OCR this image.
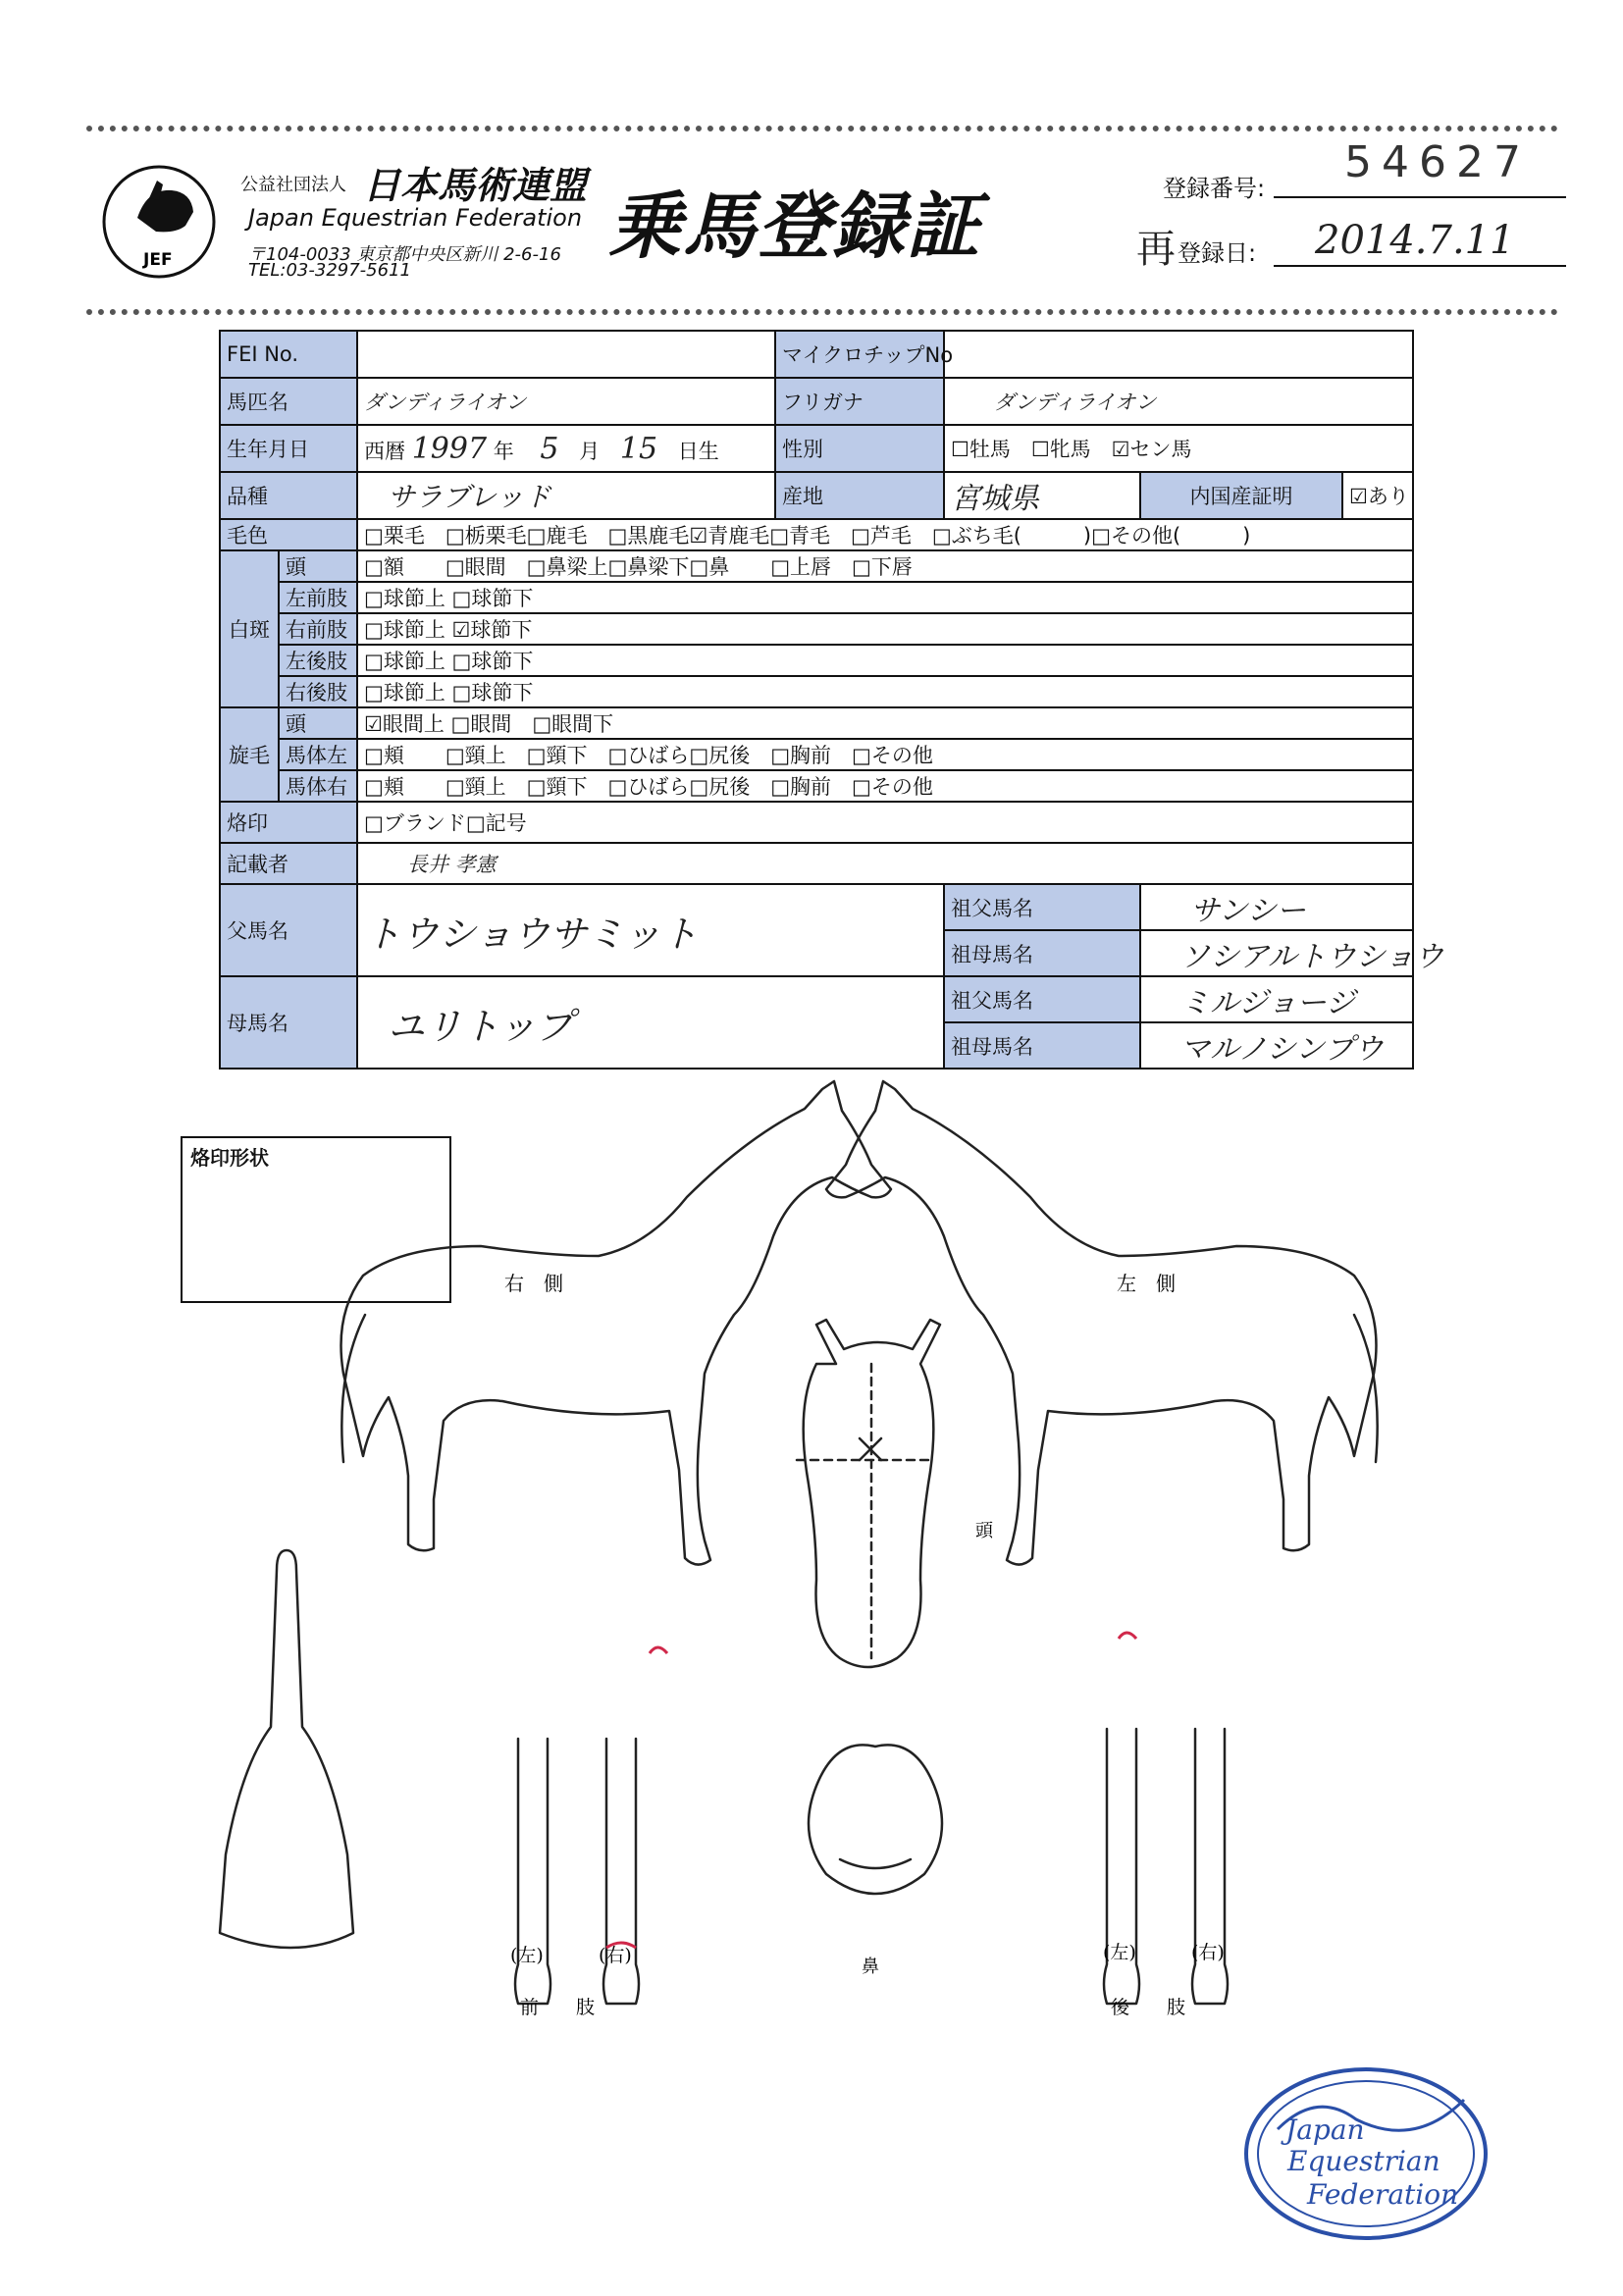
JEF
公益社団法人 日本馬術連盟
Japan Equestrian Federation
〒104-0033 東京都中央区新川 2-6-16
TEL:03-3297-5611
乗馬登録証	登録番号:
54627
再 登録日: 2014.7.11
FEI No.			マイクロチップNo			
馬匹名		ダンディライオン	フリガナ	ダンディライオン		
生年月日		西暦 1997 年 5 月 15 日生	性別	☐牡馬　☐牝馬　☑セン馬		
品種		サラブレッド	産地	宮城県	内国産証明	☑あり
毛色		□栗毛　□栃栗毛□鹿毛　□黒鹿毛☑青鹿毛□青毛　□芦毛　□ぶち毛(　　　)□その他(　　　)				
白斑	頭	□額　　□眼間　□鼻梁上□鼻梁下□鼻　　□上唇　□下唇				
	左前肢	□球節上 □球節下				
	右前肢	□球節上 ☑球節下				
	左後肢	□球節上 □球節下				
	右後肢	□球節上 □球節下				
旋毛	頭	☑眼間上 □眼間　□眼間下				
	馬体左	□頬　　□頸上　□頸下　□ひばら□尻後　□胸前　□その他				
	馬体右	□頬　　□頸上　□頸下　□ひばら□尻後　□胸前　□その他				
烙印		□ブランド□記号				
記載者		長井 孝憲				
父馬名		トウショウサミット		祖父馬名	サンシー	
				祖母馬名	ソシアルトウショウ	
母馬名		ユリトップ		祖父馬名	ミルジョージ	
				祖母馬名	マルノシンプウ	
烙印形状
右　側	左　側
頭
鼻
(左)	(右)
前　　肢
(左)	(右)
後　　肢
Japan
Equestrian
Federation
